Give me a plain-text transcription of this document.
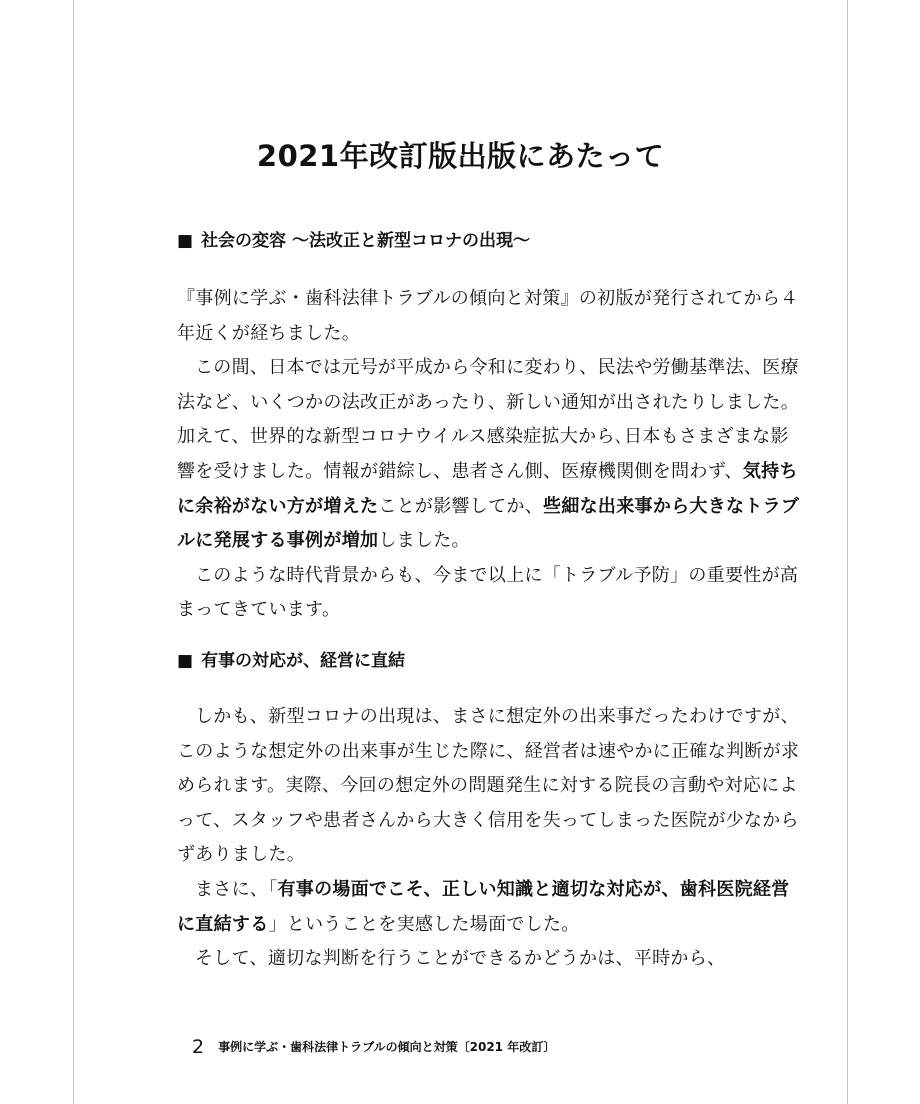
2021年改訂版出版にあたって

■ 社会の変容 〜法改正と新型コロナの出現〜

『事例に学ぶ・歯科法律トラブルの傾向と対策』の初版が発行されてから４年近くが経ちました。

この間、日本では元号が平成から令和に変わり、民法や労働基準法、医療法など、いくつかの法改正があったり、新しい通知が出されたりしました。加えて、世界的な新型コロナウイルス感染症拡大から､日本もさまざまな影響を受けました。情報が錯綜し、患者さん側、医療機関側を問わず、気持ちに余裕がない方が増えたことが影響してか、些細な出来事から大きなトラブルに発展する事例が増加しました。

このような時代背景からも、今まで以上に「トラブル予防」の重要性が高まってきています。

■ 有事の対応が、経営に直結

しかも、新型コロナの出現は、まさに想定外の出来事だったわけですが、このような想定外の出来事が生じた際に、経営者は速やかに正確な判断が求められます。実際、今回の想定外の問題発生に対する院長の言動や対応によって、スタッフや患者さんから大きく信用を失ってしまった医院が少なからずありました。

まさに、「有事の場面でこそ、正しい知識と適切な対応が、歯科医院経営に直結する」ということを実感した場面でした。

そして、適切な判断を行うことができるかどうかは、平時から、

2 事例に学ぶ・歯科法律トラブルの傾向と対策〔2021 年改訂〕
